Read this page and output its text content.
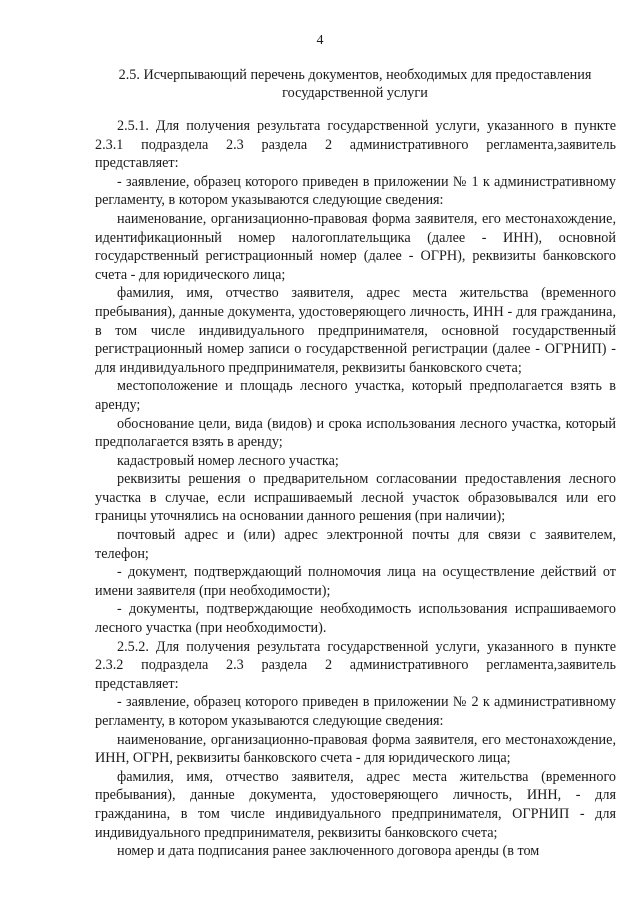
4
2.5. Исчерпывающий перечень документов, необходимых для предоставления государственной услуги

2.5.1. Для получения результата государственной услуги, указанного в пункте 2.3.1 подраздела 2.3 раздела 2 административного регламента,заявитель представляет:

- заявление, образец которого приведен в приложении № 1 к административному регламенту, в котором указываются следующие сведения:

наименование, организационно-правовая форма заявителя, его местонахождение, идентификационный номер налогоплательщика (далее - ИНН), основной государственный регистрационный номер (далее - ОГРН), реквизиты банковского счета - для юридического лица;

фамилия, имя, отчество заявителя, адрес места жительства (временного пребывания), данные документа, удостоверяющего личность, ИНН - для гражданина, в том числе индивидуального предпринимателя, основной государственный регистрационный номер записи о государственной регистрации (далее - ОГРНИП) - для индивидуального предпринимателя, реквизиты банковского счета;

местоположение и площадь лесного участка, который предполагается взять в аренду;

обоснование цели, вида (видов) и срока использования лесного участка, который предполагается взять в аренду;

кадастровый номер лесного участка;

реквизиты решения о предварительном согласовании предоставления лесного участка в случае, если испрашиваемый лесной участок образовывался или его границы уточнялись на основании данного решения (при наличии);

почтовый адрес и (или) адрес электронной почты для связи с заявителем, телефон;

- документ, подтверждающий полномочия лица на осуществление действий от имени заявителя (при необходимости);

- документы, подтверждающие необходимость использования испрашиваемого лесного участка (при необходимости).

2.5.2. Для получения результата государственной услуги, указанного в пункте 2.3.2 подраздела 2.3 раздела 2 административного регламента,заявитель представляет:

- заявление, образец которого приведен в приложении № 2 к административному регламенту, в котором указываются следующие сведения:

наименование, организационно-правовая форма заявителя, его местонахождение, ИНН, ОГРН, реквизиты банковского счета - для юридического лица;

фамилия, имя, отчество заявителя, адрес места жительства (временного пребывания), данные документа, удостоверяющего личность, ИНН, - для гражданина, в том числе индивидуального предпринимателя, ОГРНИП - для индивидуального предпринимателя, реквизиты банковского счета;

номер и дата подписания ранее заключенного договора аренды (в том
